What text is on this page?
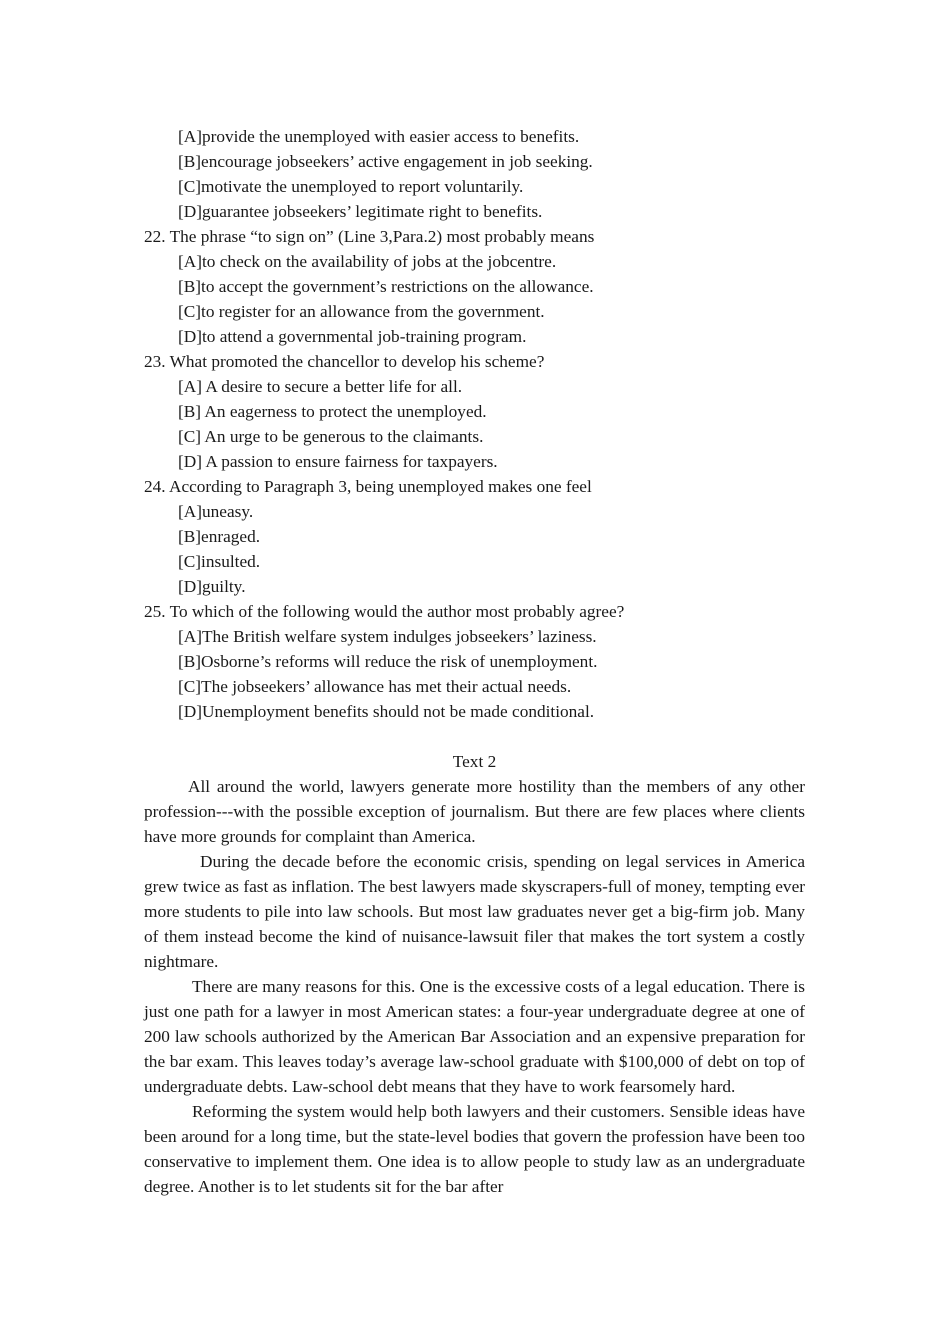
[A]provide the unemployed with easier access to benefits.
[B]encourage jobseekers’ active engagement in job seeking.
[C]motivate the unemployed to report voluntarily.
[D]guarantee jobseekers’ legitimate right to benefits.
22. The phrase “to sign on” (Line 3,Para.2) most probably means
[A]to check on the availability of jobs at the jobcentre.
[B]to accept the government’s restrictions on the allowance.
[C]to register for an allowance from the government.
[D]to attend a governmental job-training program.
23. What promoted the chancellor to develop his scheme?
[A] A desire to secure a better life for all.
[B] An eagerness to protect the unemployed.
[C] An urge to be generous to the claimants.
[D] A passion to ensure fairness for taxpayers.
24. According to Paragraph 3, being unemployed makes one feel
[A]uneasy.
[B]enraged.
[C]insulted.
[D]guilty.
25. To which of the following would the author most probably agree?
[A]The British welfare system indulges jobseekers’ laziness.
[B]Osborne’s reforms will reduce the risk of unemployment.
[C]The jobseekers’ allowance has met their actual needs.
[D]Unemployment benefits should not be made conditional.
Text 2

All around the world, lawyers generate more hostility than the members of any other profession---with the possible exception of journalism. But there are few places where clients have more grounds for complaint than America.

During the decade before the economic crisis, spending on legal services in America grew twice as fast as inflation. The best lawyers made skyscrapers-full of money, tempting ever more students to pile into law schools. But most law graduates never get a big-firm job. Many of them instead become the kind of nuisance-lawsuit filer that makes the tort system a costly nightmare.

There are many reasons for this. One is the excessive costs of a legal education. There is just one path for a lawyer in most American states: a four-year undergraduate degree at one of 200 law schools authorized by the American Bar Association and an expensive preparation for the bar exam. This leaves today’s average law-school graduate with $100,000 of debt on top of undergraduate debts. Law-school debt means that they have to work fearsomely hard.

Reforming the system would help both lawyers and their customers. Sensible ideas have been around for a long time, but the state-level bodies that govern the profession have been too conservative to implement them. One idea is to allow people to study law as an undergraduate degree. Another is to let students sit for the bar after
